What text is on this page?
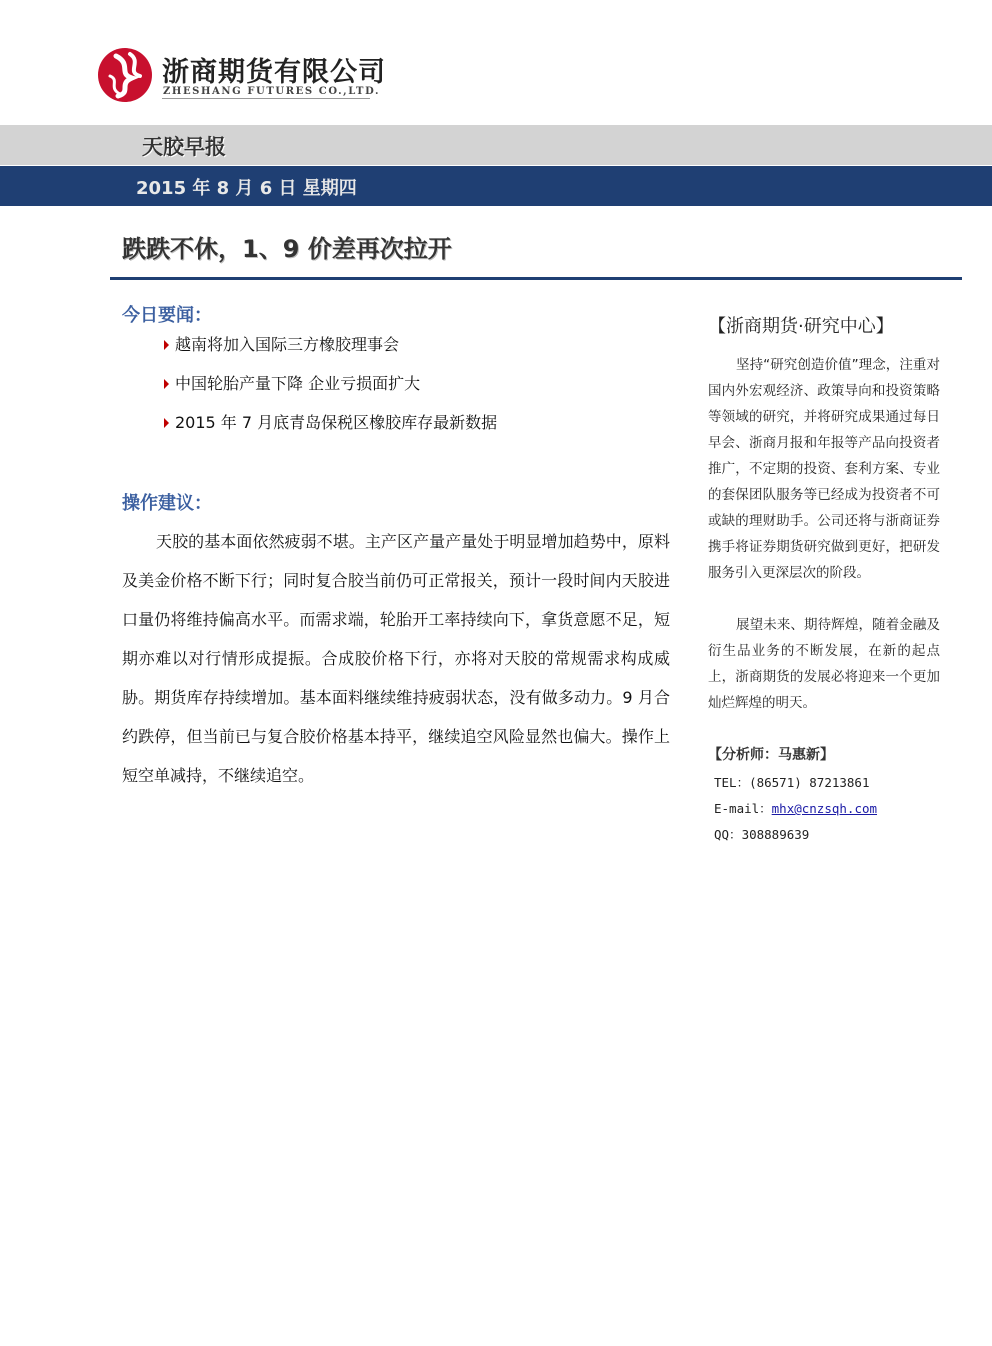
浙商期货有限公司
ZHESHANG FUTURES CO.,LTD.
天胶早报
2015 年 8 月 6 日 星期四
跌跌不休，1、9 价差再次拉开
今日要闻：
越南将加入国际三方橡胶理事会
中国轮胎产量下降 企业亏损面扩大
2015 年 7 月底青岛保税区橡胶库存最新数据
操作建议：

天胶的基本面依然疲弱不堪。主产区产量产量处于明显增加趋势中，原料及美金价格不断下行；同时复合胶当前仍可正常报关，预计一段时间内天胶进口量仍将维持偏高水平。而需求端，轮胎开工率持续向下，拿货意愿不足，短期亦难以对行情形成提振。合成胶价格下行，亦将对天胶的常规需求构成威胁。期货库存持续增加。基本面料继续维持疲弱状态，没有做多动力。9 月合约跌停，但当前已与复合胶价格基本持平，继续追空风险显然也偏大。操作上短空单减持，不继续追空。

【浙商期货·研究中心】

坚持“研究创造价值”理念，注重对国内外宏观经济、政策导向和投资策略等领域的研究，并将研究成果通过每日早会、浙商月报和年报等产品向投资者推广，不定期的投资、套利方案、专业的套保团队服务等已经成为投资者不可或缺的理财助手。公司还将与浙商证券携手将证券期货研究做到更好，把研发服务引入更深层次的阶段。

展望未来、期待辉煌，随着金融及衍生品业务的不断发展，在新的起点上，浙商期货的发展必将迎来一个更加灿烂辉煌的明天。

【分析师：马惠新】
TEL：(86571) 87213861
E-mail：mhx@cnzsqh.com
QQ：308889639
